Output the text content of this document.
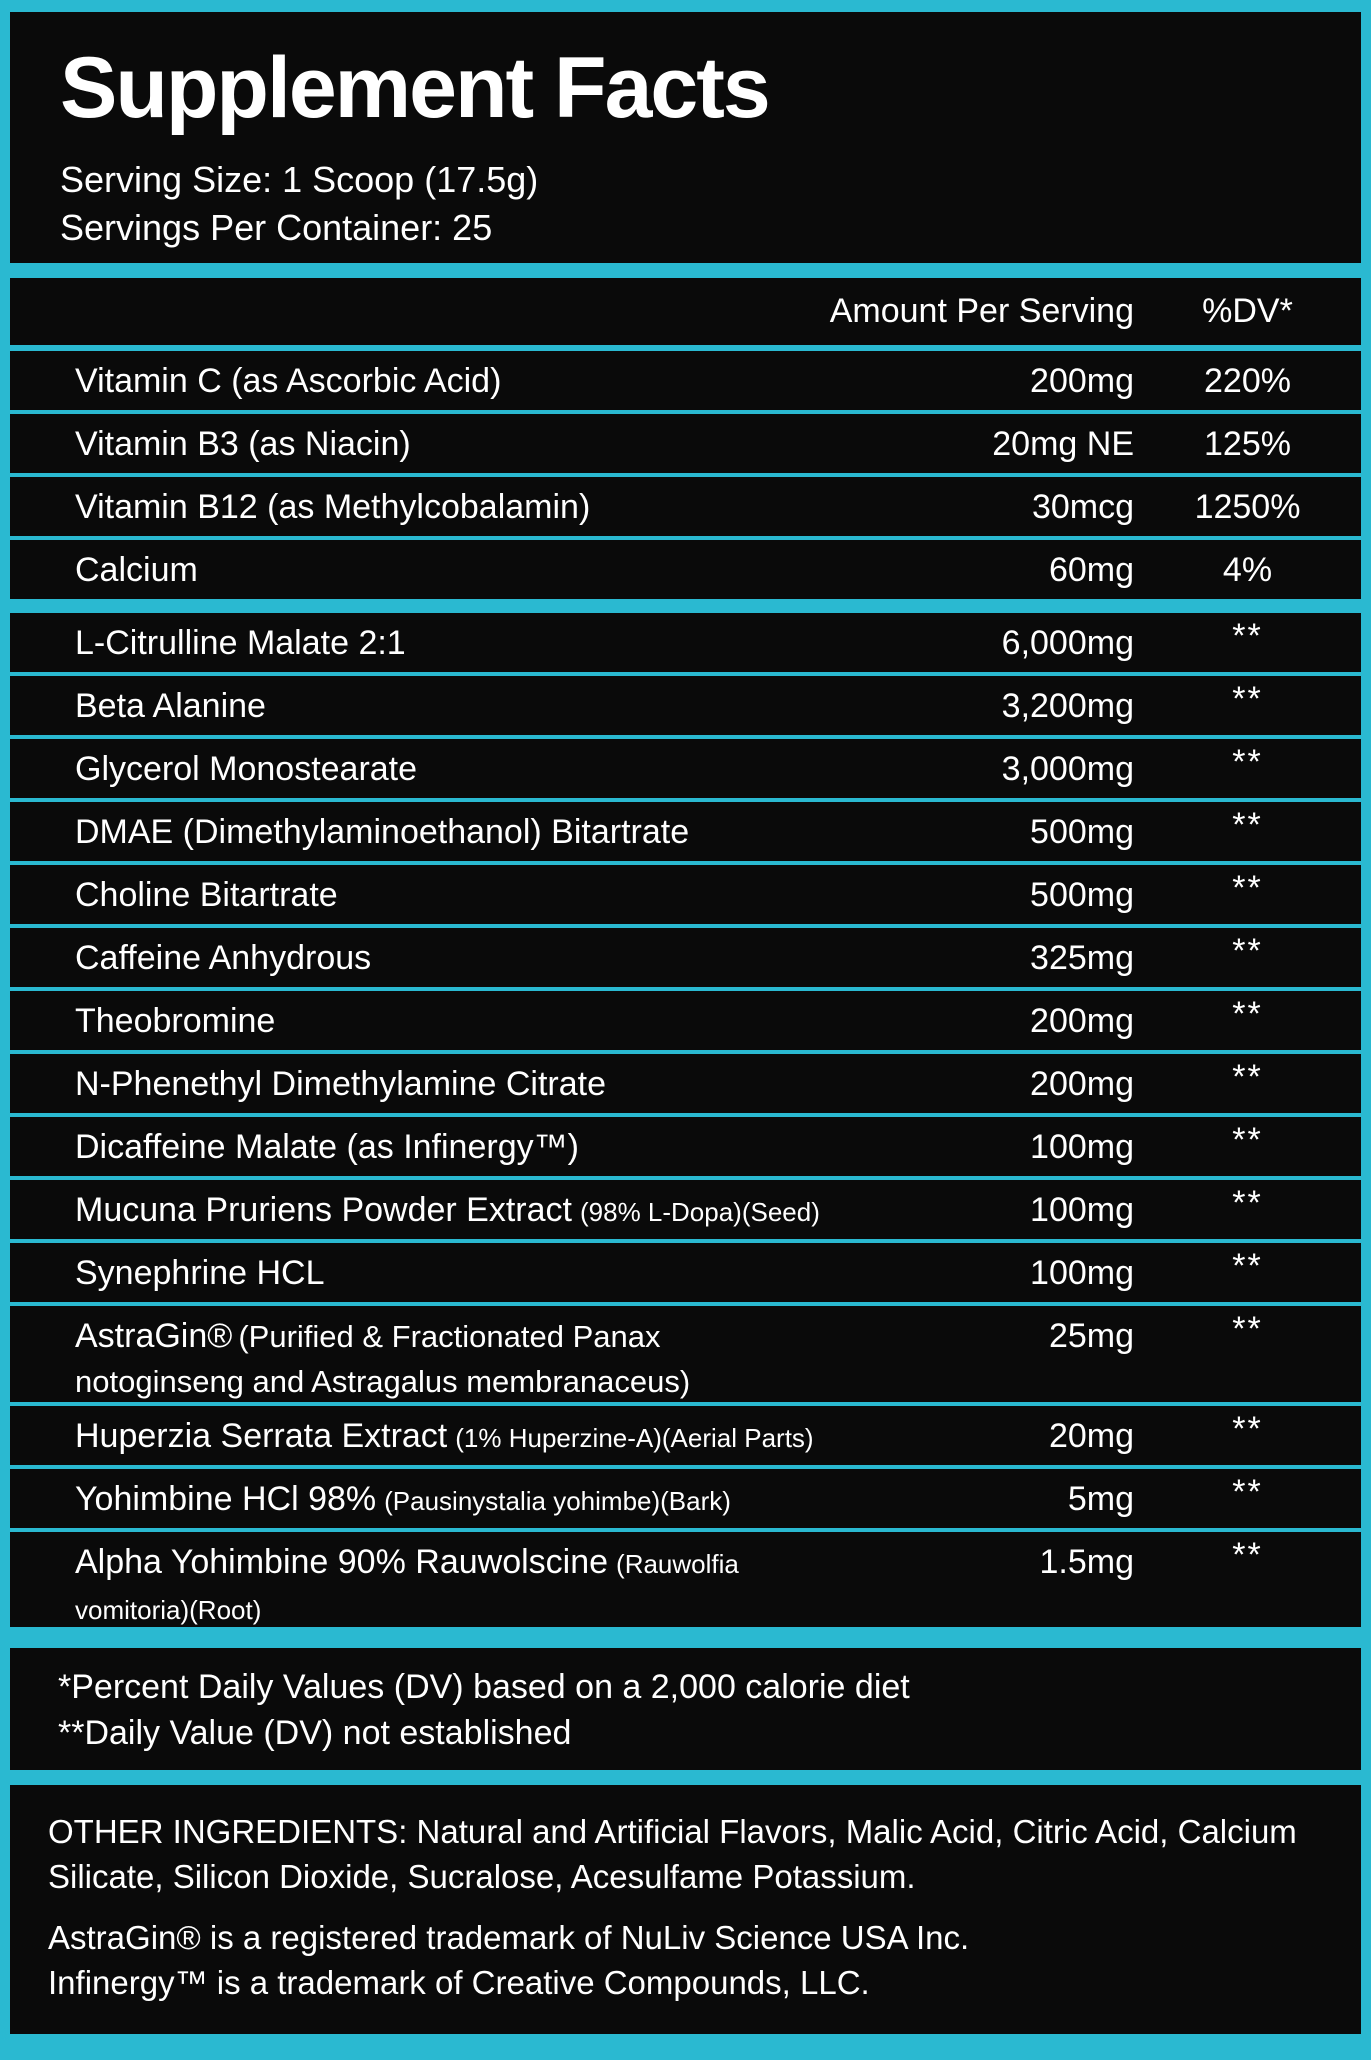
Supplement Facts
Serving Size: 1 Scoop (17.5g)
Servings Per Container: 25
Amount Per Serving	%DV*
Vitamin C (as Ascorbic Acid)	200mg	220%
Vitamin B3 (as Niacin)	20mg NE	125%
Vitamin B12 (as Methylcobalamin)	30mcg	1250%
Calcium	60mg	4%
L-Citrulline Malate 2:1	6,000mg	**
Beta Alanine	3,200mg	**
Glycerol Monostearate	3,000mg	**
DMAE (Dimethylaminoethanol) Bitartrate	500mg	**
Choline Bitartrate	500mg	**
Caffeine Anhydrous	325mg	**
Theobromine	200mg	**
N-Phenethyl Dimethylamine Citrate	200mg	**
Dicaffeine Malate (as Infinergy™)	100mg	**
Mucuna Pruriens Powder Extract (98% L-Dopa)(Seed)	100mg	**
Synephrine HCL	100mg	**
AstraGin® (Purified & Fractionated Panax notoginseng and Astragalus membranaceus)
25mg	**
Huperzia Serrata Extract (1% Huperzine-A)(Aerial Parts)	20mg	**
Yohimbine HCl 98% (Pausinystalia yohimbe)(Bark)	5mg	**
Alpha Yohimbine 90% Rauwolscine (Rauwolfia vomitoria)(Root)
1.5mg	**
*Percent Daily Values (DV) based on a 2,000 calorie diet
**Daily Value (DV) not established

OTHER INGREDIENTS: Natural and Artificial Flavors, Malic Acid, Citric Acid, Calcium Silicate, Silicon Dioxide, Sucralose, Acesulfame Potassium.

AstraGin® is a registered trademark of NuLiv Science USA Inc.

Infinergy™ is a trademark of Creative Compounds, LLC.
